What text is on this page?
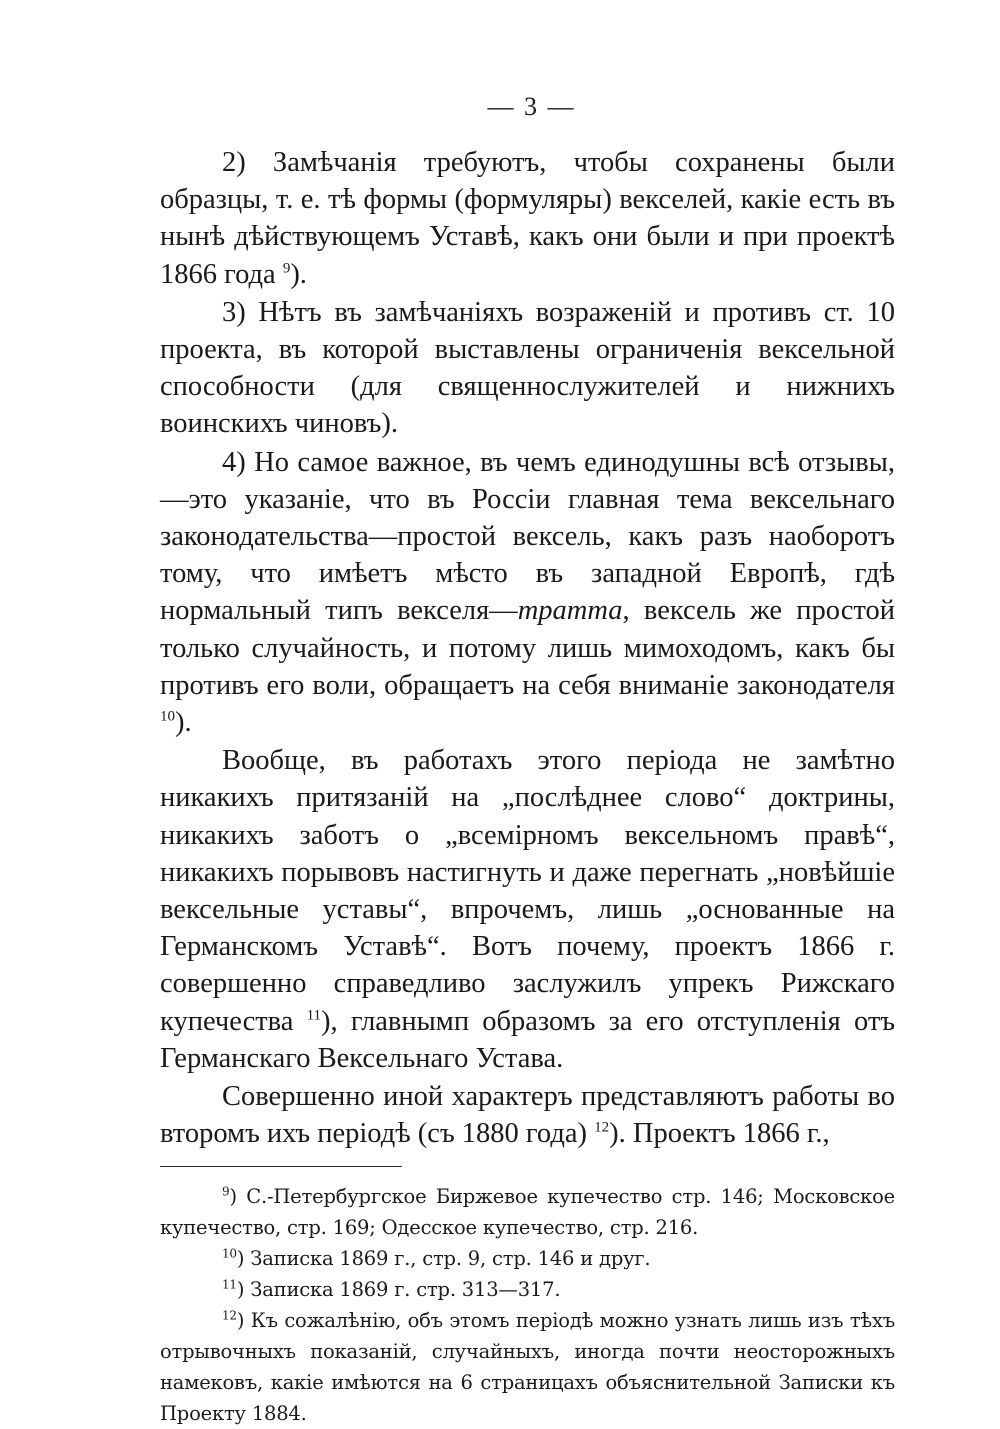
— 3 —

2) Замѣчанія требуютъ, чтобы сохранены были образцы, т. е. тѣ формы (формуляры) векселей, какіе есть въ нынѣ дѣйствующемъ Уставѣ, какъ они были и при проектѣ 1866 года $^9$).

3) Нѣтъ въ замѣчаніяхъ возраженій и противъ ст. 10 проекта, въ которой выставлены ограниченія вексельной способности (для священнослужителей и нижнихъ воинскихъ чиновъ).

4) Но самое важное, въ чемъ единодушны всѣ отзывы,—это указаніе, что въ Россіи главная тема вексельнаго законодательства—простой вексель, какъ разъ наоборотъ тому, что имѣетъ мѣсто въ западной Европѣ, гдѣ нормальный типъ векселя—тратта, вексель же простой только случайность, и потому лишь мимоходомъ, какъ бы противъ его воли, обращаетъ на себя вниманіе законодателя $^{10}$).

Вообще, въ работахъ этого періода не замѣтно никакихъ притязаній на „послѣднее слово“ доктрины, никакихъ заботъ о „всемірномъ вексельномъ правѣ“, никакихъ порывовъ настигнуть и даже перегнать „новѣйшіе вексельные уставы“, впрочемъ, лишь „основанные на Германскомъ Уставѣ“. Вотъ почему, проектъ 1866 г. совершенно справедливо заслужилъ упрекъ Рижскаго купечества $^{11}$), главнымп образомъ за его отступленія отъ Германскаго Вексельнаго Устава.

Совершенно иной характеръ представляютъ работы во второмъ ихъ періодѣ (съ 1880 года) $^{12}$). Проектъ 1866 г.,

$^9$) С.-Петербургское Биржевое купечество стр. 146; Московское купечество, стр. 169; Одесское купечество, стр. 216.

$^{10}$) Записка 1869 г., стр. 9, стр. 146 и друг.

$^{11}$) Записка 1869 г. стр. 313—317.

$^{12}$) Къ сожалѣнію, объ этомъ періодѣ можно узнать лишь изъ тѣхъ отрывочныхъ показаній, случайныхъ, иногда почти неосторожныхъ намековъ, какіе имѣются на 6 страницахъ объяснительной Записки къ Проекту 1884.
